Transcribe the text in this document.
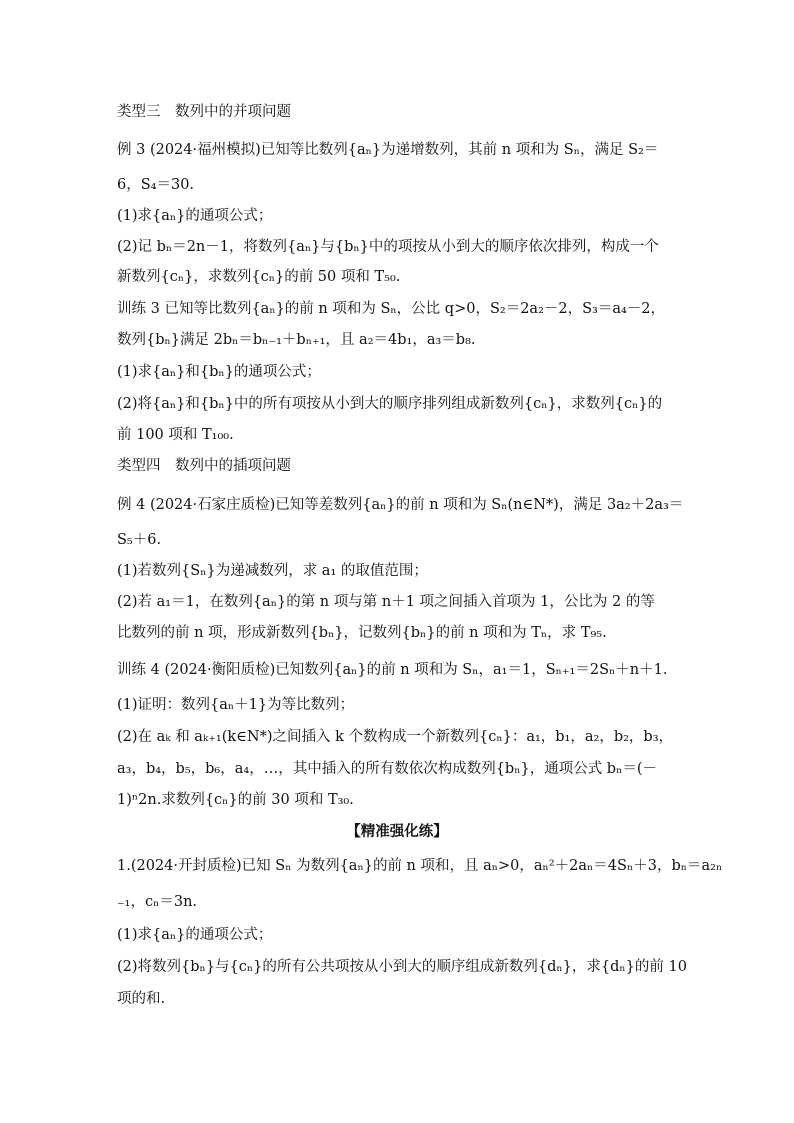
类型三　数列中的并项问题
例 3 (2024·福州模拟)已知等比数列{aₙ}为递增数列，其前 n 项和为 Sₙ，满足 S₂＝
6，S₄＝30.
(1)求{aₙ}的通项公式；
(2)记 bₙ＝2n－1，将数列{aₙ}与{bₙ}中的项按从小到大的顺序依次排列，构成一个
新数列{cₙ}，求数列{cₙ}的前 50 项和 T₅₀.
训练 3 已知等比数列{aₙ}的前 n 项和为 Sₙ，公比 q>0，S₂＝2a₂－2，S₃＝a₄－2，
数列{bₙ}满足 2bₙ＝bₙ₋₁＋bₙ₊₁，且 a₂＝4b₁，a₃＝b₈.
(1)求{aₙ}和{bₙ}的通项公式；
(2)将{aₙ}和{bₙ}中的所有项按从小到大的顺序排列组成新数列{cₙ}，求数列{cₙ}的
前 100 项和 T₁₀₀.
类型四　数列中的插项问题
例 4 (2024·石家庄质检)已知等差数列{aₙ}的前 n 项和为 Sₙ(n∈N*)，满足 3a₂＋2a₃＝
S₅＋6.
(1)若数列{Sₙ}为递减数列，求 a₁ 的取值范围；
(2)若 a₁＝1，在数列{aₙ}的第 n 项与第 n＋1 项之间插入首项为 1，公比为 2 的等
比数列的前 n 项，形成新数列{bₙ}，记数列{bₙ}的前 n 项和为 Tₙ，求 T₉₅.
训练 4 (2024·衡阳质检)已知数列{aₙ}的前 n 项和为 Sₙ，a₁＝1，Sₙ₊₁＝2Sₙ＋n＋1.
(1)证明：数列{aₙ＋1}为等比数列；
(2)在 aₖ 和 aₖ₊₁(k∈N*)之间插入 k 个数构成一个新数列{cₙ}：a₁，b₁，a₂，b₂，b₃，
a₃，b₄，b₅，b₆，a₄，…，其中插入的所有数依次构成数列{bₙ}，通项公式 bₙ＝(－
1)ⁿ2n.求数列{cₙ}的前 30 项和 T₃₀.
【精准强化练】
1.(2024·开封质检)已知 Sₙ 为数列{aₙ}的前 n 项和，且 aₙ>0，aₙ²＋2aₙ＝4Sₙ＋3，bₙ＝a₂ₙ
₋₁，cₙ＝3n.
(1)求{aₙ}的通项公式；
(2)将数列{bₙ}与{cₙ}的所有公共项按从小到大的顺序组成新数列{dₙ}，求{dₙ}的前 10
项的和.
